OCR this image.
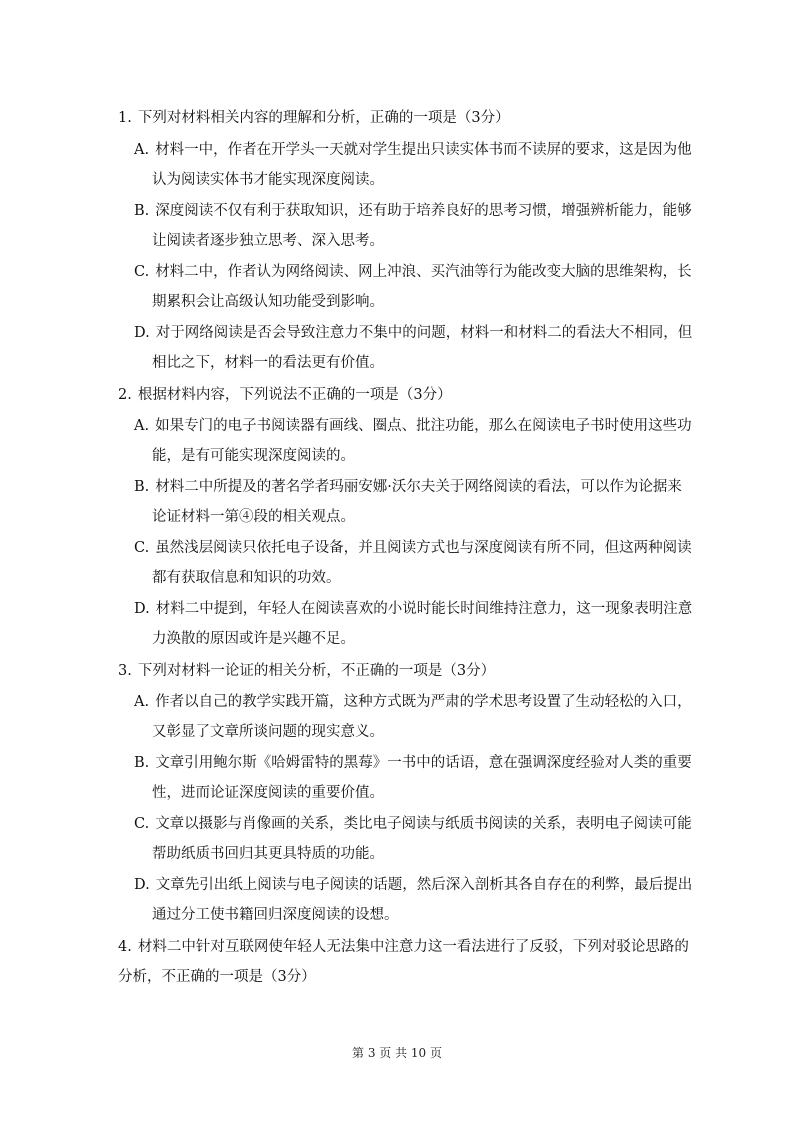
1. 下列对材料相关内容的理解和分析，正确的一项是（3分）
A. 材料一中，作者在开学头一天就对学生提出只读实体书而不读屏的要求，这是因为他
认为阅读实体书才能实现深度阅读。
B. 深度阅读不仅有利于获取知识，还有助于培养良好的思考习惯，增强辨析能力，能够
让阅读者逐步独立思考、深入思考。
C. 材料二中，作者认为网络阅读、网上冲浪、买汽油等行为能改变大脑的思维架构，长
期累积会让高级认知功能受到影响。
D. 对于网络阅读是否会导致注意力不集中的问题，材料一和材料二的看法大不相同，但
相比之下，材料一的看法更有价值。
2. 根据材料内容，下列说法不正确的一项是（3分）
A. 如果专门的电子书阅读器有画线、圈点、批注功能，那么在阅读电子书时使用这些功
能，是有可能实现深度阅读的。
B. 材料二中所提及的著名学者玛丽安娜·沃尔夫关于网络阅读的看法，可以作为论据来
论证材料一第④段的相关观点。
C. 虽然浅层阅读只依托电子设备，并且阅读方式也与深度阅读有所不同，但这两种阅读
都有获取信息和知识的功效。
D. 材料二中提到，年轻人在阅读喜欢的小说时能长时间维持注意力，这一现象表明注意
力涣散的原因或许是兴趣不足。
3. 下列对材料一论证的相关分析，不正确的一项是（3分）
A. 作者以自己的教学实践开篇，这种方式既为严肃的学术思考设置了生动轻松的入口，
又彰显了文章所谈问题的现实意义。
B. 文章引用鲍尔斯《哈姆雷特的黑莓》一书中的话语，意在强调深度经验对人类的重要
性，进而论证深度阅读的重要价值。
C. 文章以摄影与肖像画的关系，类比电子阅读与纸质书阅读的关系，表明电子阅读可能
帮助纸质书回归其更具特质的功能。
D. 文章先引出纸上阅读与电子阅读的话题，然后深入剖析其各自存在的利弊，最后提出
通过分工使书籍回归深度阅读的设想。
4. 材料二中针对互联网使年轻人无法集中注意力这一看法进行了反驳，下列对驳论思路的
分析，不正确的一项是（3分）
第 3 页 共 10 页
